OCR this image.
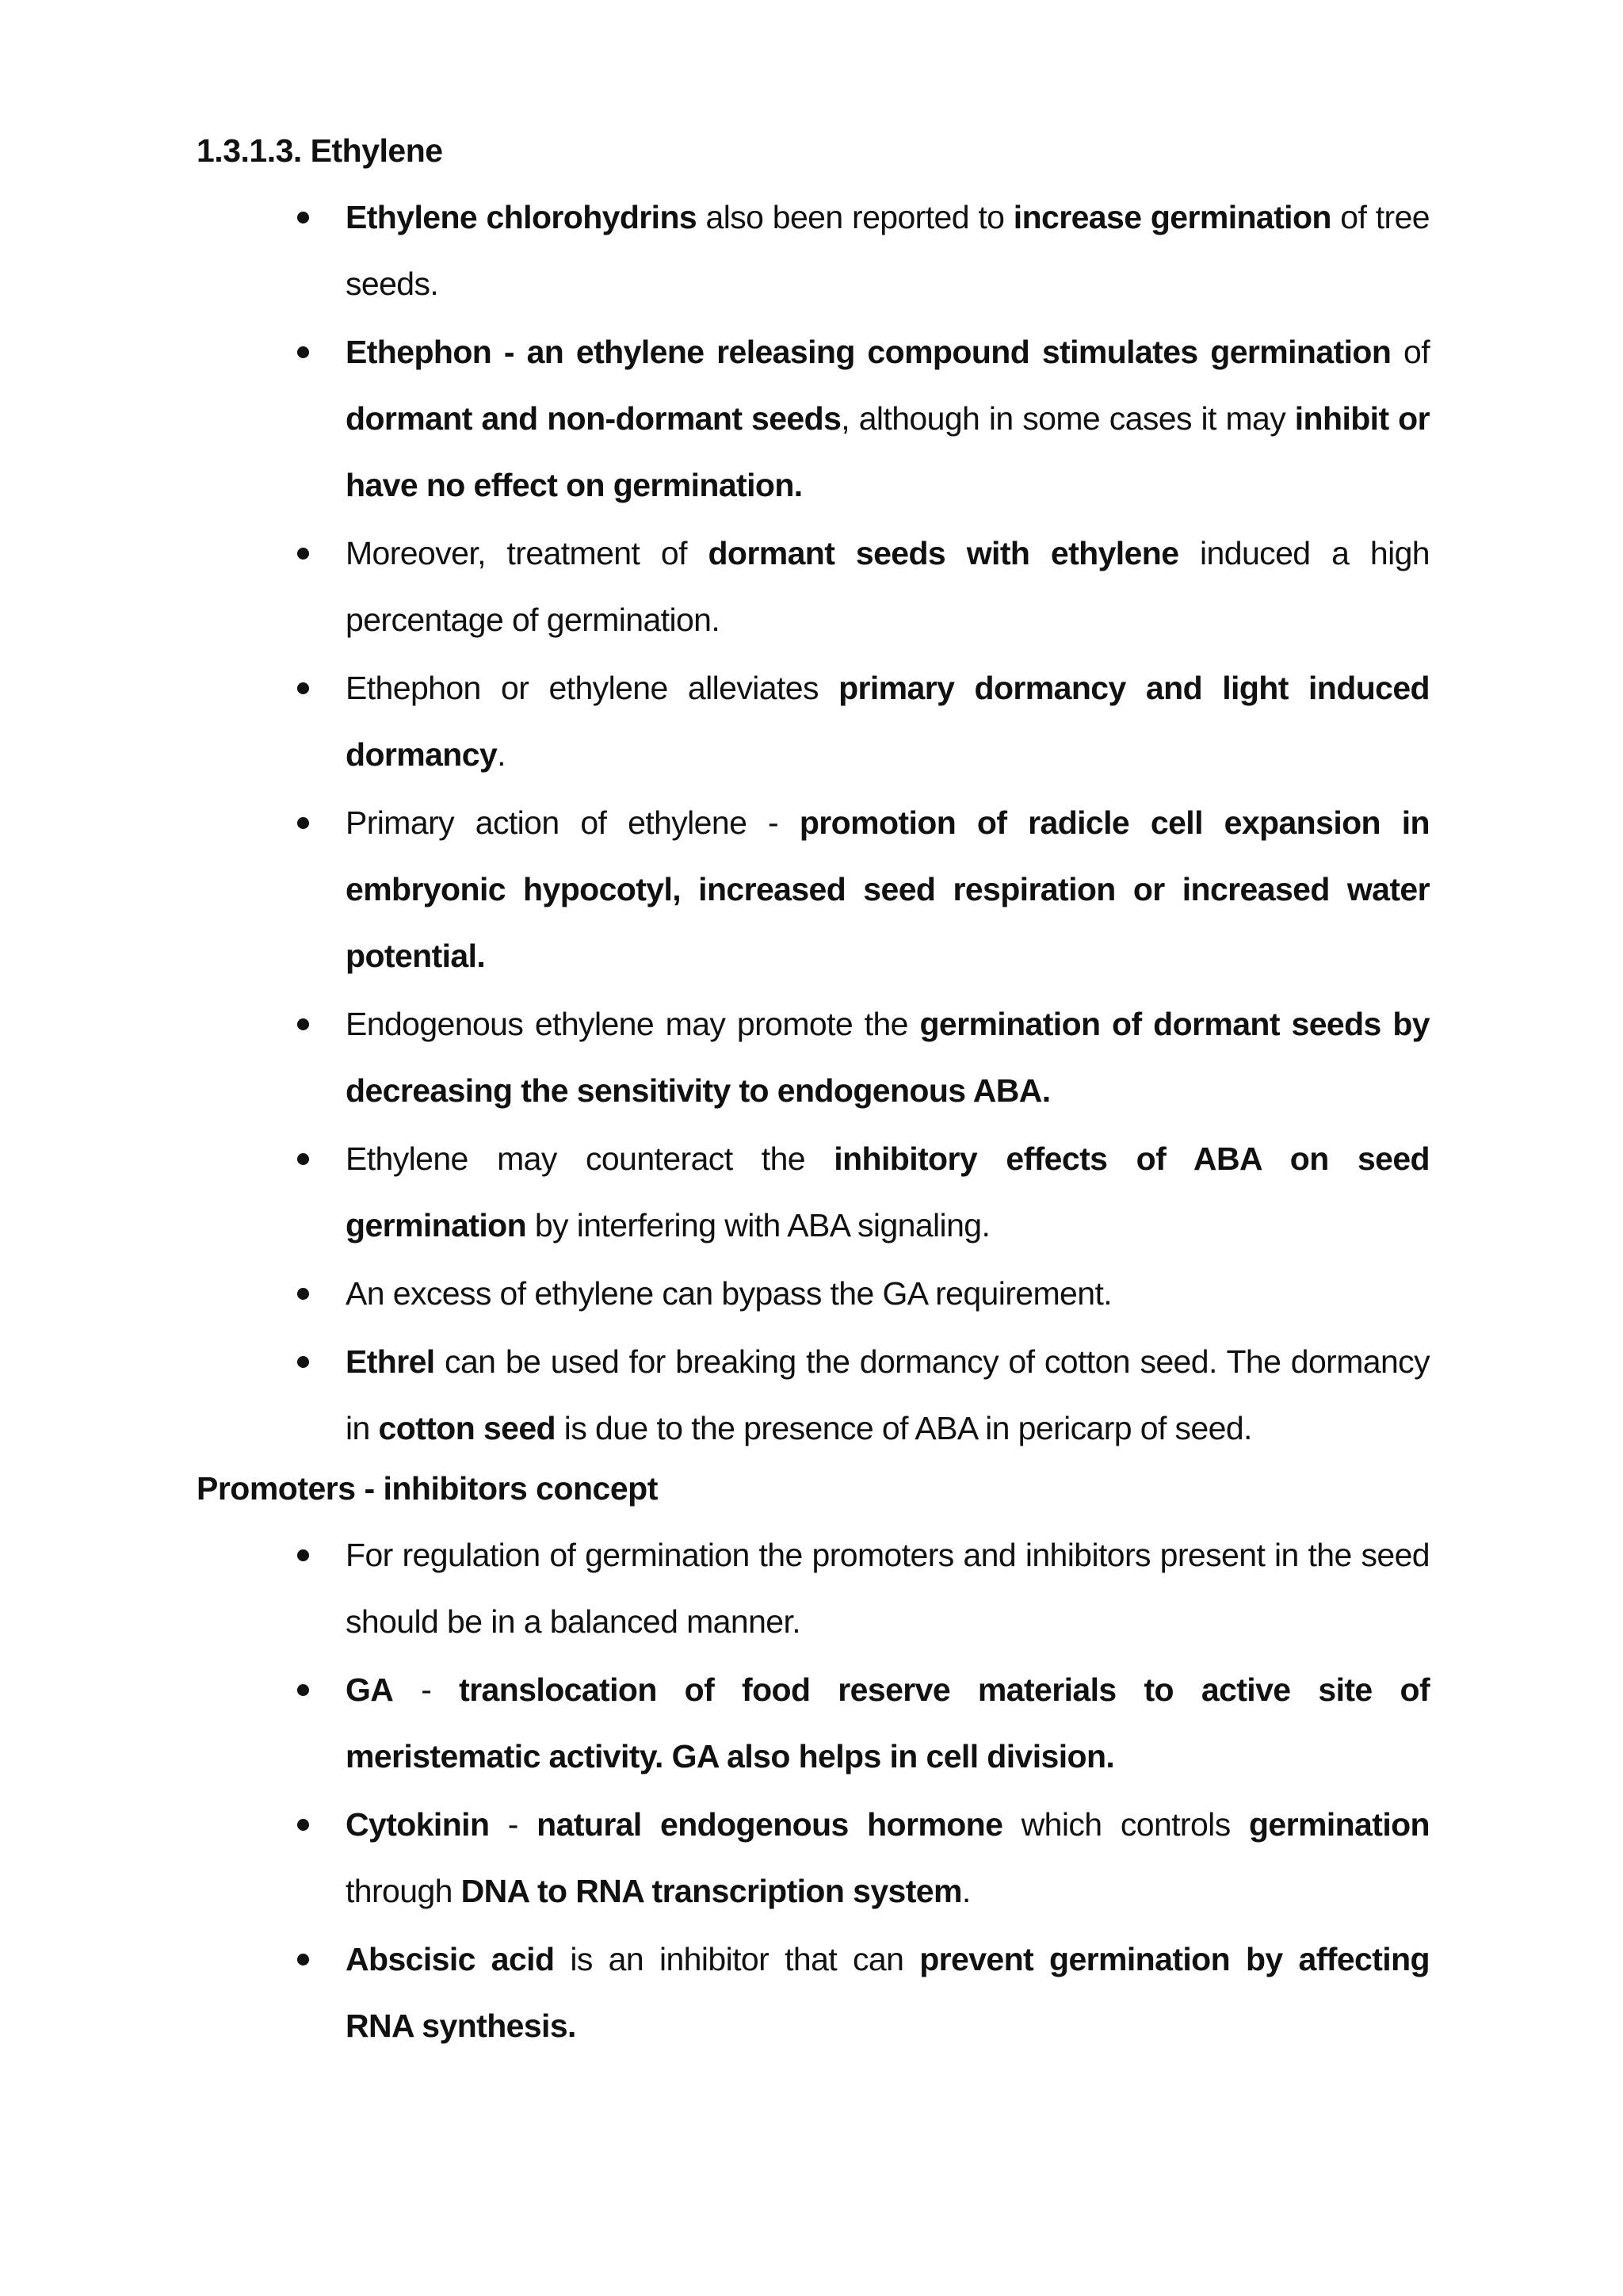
1.3.1.3. Ethylene
Ethylene chlorohydrins also been reported to increase germination of tree seeds.
Ethephon - an ethylene releasing compound stimulates germination of dormant and non-dormant seeds, although in some cases it may inhibit or have no effect on germination.
Moreover, treatment of dormant seeds with ethylene induced a high percentage of germination.
Ethephon or ethylene alleviates primary dormancy and light induced dormancy.
Primary action of ethylene - promotion of radicle cell expansion in embryonic hypocotyl, increased seed respiration or increased water potential.
Endogenous ethylene may promote the germination of dormant seeds by decreasing the sensitivity to endogenous ABA.
Ethylene may counteract the inhibitory effects of ABA on seed germination by interfering with ABA signaling.
An excess of ethylene can bypass the GA requirement.
Ethrel can be used for breaking the dormancy of cotton seed. The dormancy in cotton seed is due to the presence of ABA in pericarp of seed.
Promoters - inhibitors concept
For regulation of germination the promoters and inhibitors present in the seed should be in a balanced manner.
GA - translocation of food reserve materials to active site of meristematic activity. GA also helps in cell division.
Cytokinin - natural endogenous hormone which controls germination through DNA to RNA transcription system.
Abscisic acid is an inhibitor that can prevent germination by affecting RNA synthesis.
